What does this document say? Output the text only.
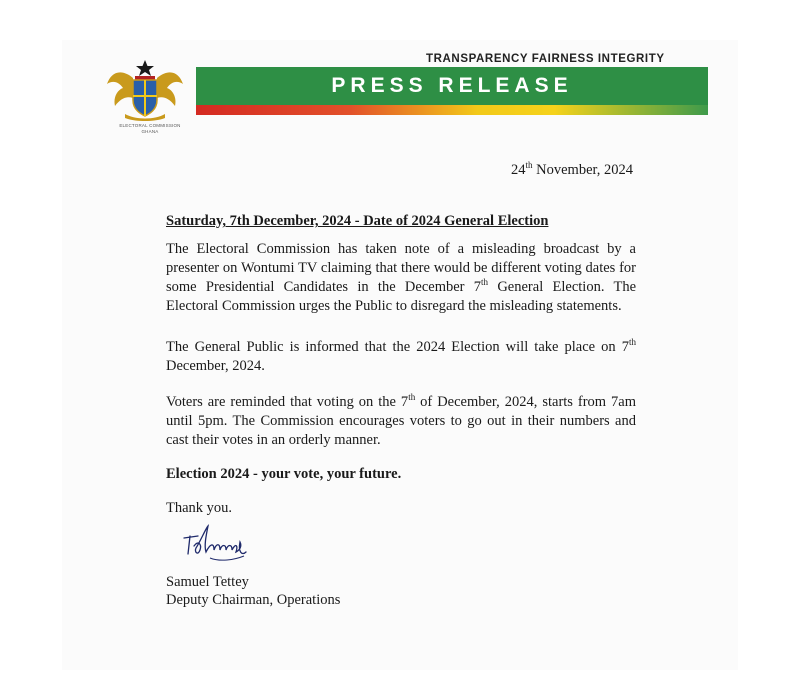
ELECTORAL COMMISSION GHANA
TRANSPARENCY FAIRNESS INTEGRITY
PRESS RELEASE
24th November, 2024
Saturday, 7th December, 2024 - Date of 2024 General Election

The Electoral Commission has taken note of a misleading broadcast by a presenter on Wontumi TV claiming that there would be different voting dates for some Presidential Candidates in the December 7th General Election. The Electoral Commission urges the Public to disregard the misleading statements.

The General Public is informed that the 2024 Election will take place on 7th December, 2024.

Voters are reminded that voting on the 7th of December, 2024, starts from 7am until 5pm. The Commission encourages voters to go out in their numbers and cast their votes in an orderly manner.

Election 2024 - your vote, your future.
Thank you.
Samuel Tettey
Deputy Chairman, Operations
